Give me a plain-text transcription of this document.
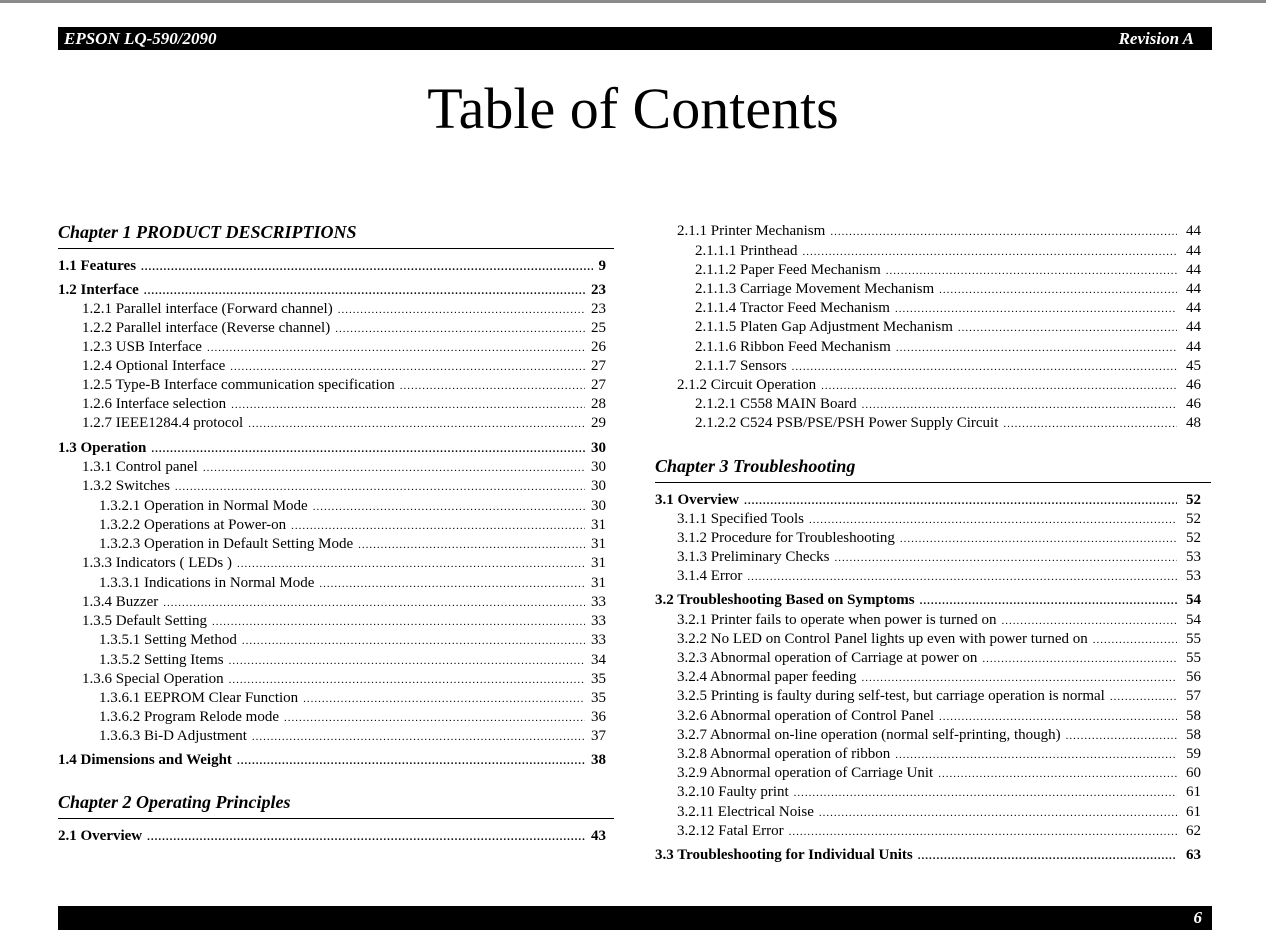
EPSON LQ-590/2090	Revision A
Table of Contents
Chapter 1 PRODUCT DESCRIPTIONS
1.1 Features .....	9
1.2 Interface .....	23
1.2.1 Parallel interface (Forward channel) .....	23
1.2.2 Parallel interface (Reverse channel) .....	25
1.2.3 USB Interface .....	26
1.2.4 Optional Interface .....	27
1.2.5 Type-B Interface communication specification .....	27
1.2.6 Interface selection .....	28
1.2.7 IEEE1284.4 protocol .....	29
1.3 Operation .....	30
1.3.1 Control panel .....	30
1.3.2 Switches .....	30
1.3.2.1 Operation in Normal Mode .....	30
1.3.2.2 Operations at Power-on .....	31
1.3.2.3 Operation in Default Setting Mode .....	31
1.3.3 Indicators ( LEDs ) .....	31
1.3.3.1 Indications in Normal Mode .....	31
1.3.4 Buzzer .....	33
1.3.5 Default Setting .....	33
1.3.5.1 Setting Method .....	33
1.3.5.2 Setting Items .....	34
1.3.6 Special Operation .....	35
1.3.6.1 EEPROM Clear Function .....	35
1.3.6.2 Program Relode mode .....	36
1.3.6.3 Bi-D Adjustment .....	37
1.4 Dimensions and Weight .....	38
Chapter 2 Operating Principles
2.1 Overview .....	43
2.1.1 Printer Mechanism .....	44
2.1.1.1 Printhead .....	44
2.1.1.2 Paper Feed Mechanism .....	44
2.1.1.3 Carriage Movement Mechanism .....	44
2.1.1.4 Tractor Feed Mechanism .....	44
2.1.1.5 Platen Gap Adjustment Mechanism .....	44
2.1.1.6 Ribbon Feed Mechanism .....	44
2.1.1.7 Sensors .....	45
2.1.2 Circuit Operation .....	46
2.1.2.1 C558 MAIN Board .....	46
2.1.2.2 C524 PSB/PSE/PSH Power Supply Circuit .....	48
Chapter 3 Troubleshooting
3.1 Overview .....	52
3.1.1 Specified Tools .....	52
3.1.2 Procedure for Troubleshooting .....	52
3.1.3 Preliminary Checks .....	53
3.1.4 Error .....	53
3.2 Troubleshooting Based on Symptoms .....	54
3.2.1 Printer fails to operate when power is turned on .....	54
3.2.2 No LED on Control Panel lights up even with power turned on .....	55
3.2.3 Abnormal operation of Carriage at power on .....	55
3.2.4 Abnormal paper feeding .....	56
3.2.5 Printing is faulty during self-test, but carriage operation is normal .....	57
3.2.6 Abnormal operation of Control Panel .....	58
3.2.7 Abnormal on-line operation (normal self-printing, though) .....	58
3.2.8 Abnormal operation of ribbon .....	59
3.2.9 Abnormal operation of Carriage Unit .....	60
3.2.10 Faulty print .....	61
3.2.11 Electrical Noise .....	61
3.2.12 Fatal Error .....	62
3.3 Troubleshooting for Individual Units .....	63
6
